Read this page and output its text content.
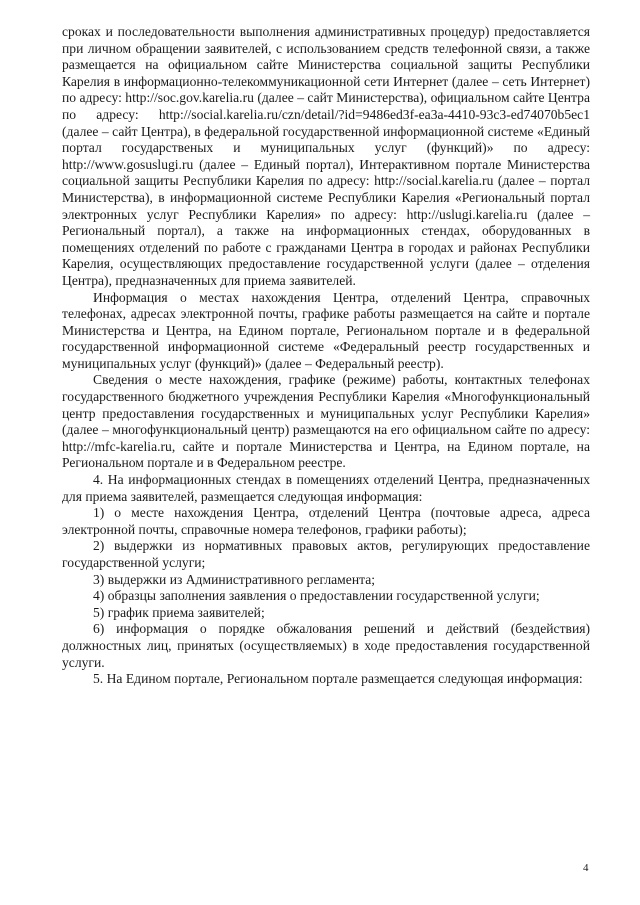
сроках и последовательности выполнения административных процедур) предоставляется при личном обращении заявителей, с использованием средств телефонной связи, а также размещается на официальном сайте Министерства социальной защиты Республики Карелия в информационно-телекоммуникационной сети Интернет (далее – сеть Интернет) по адресу: http://soc.gov.karelia.ru (далее – сайт Министерства), официальном сайте Центра по адресу: http://social.karelia.ru/czn/detail/?id=9486ed3f-ea3a-4410-93c3-ed74070b5ec1 (далее – сайт Центра), в федеральной государственной информационной системе «Единый портал государственых и муниципальных услуг (функций)» по адресу: http://www.gosuslugi.ru (далее – Единый портал), Интерактивном портале Министерства социальной защиты Республики Карелия по адресу: http://social.karelia.ru (далее – портал Министерства), в информационной системе Республики Карелия «Региональный портал электронных услуг Республики Карелия» по адресу: http://uslugi.karelia.ru (далее – Региональный портал), а также на информационных стендах, оборудованных в помещениях отделений по работе с гражданами Центра в городах и районах Республики Карелия, осуществляющих предоставление государственной услуги (далее – отделения Центра), предназначенных для приема заявителей.

Информация о местах нахождения Центра, отделений Центра, справочных телефонах, адресах электронной почты, графике работы размещается на сайте и портале Министерства и Центра, на Едином портале, Региональном портале и в федеральной государственной информационной системе «Федеральный реестр государственных и муниципальных услуг (функций)» (далее – Федеральный реестр).

Сведения о месте нахождения, графике (режиме) работы, контактных телефонах государственного бюджетного учреждения Республики Карелия «Многофункциональный центр предоставления государственных и муниципальных услуг Республики Карелия» (далее – многофункциональный центр) размещаются на его официальном сайте по адресу: http://mfc-karelia.ru, сайте и портале Министерства и Центра, на Едином портале, на Региональном портале и в Федеральном реестре.

4. На информационных стендах в помещениях отделений Центра, предназначенных для приема заявителей, размещается следующая информация:

1) о месте нахождения Центра, отделений Центра (почтовые адреса, адреса электронной почты, справочные номера телефонов, графики работы);

2) выдержки из нормативных правовых актов, регулирующих предоставление государственной услуги;

3) выдержки из Административного регламента;

4) образцы заполнения заявления о предоставлении государственной услуги;

5) график приема заявителей;

6) информация о порядке обжалования решений и действий (бездействия) должностных лиц, принятых (осуществляемых) в ходе предоставления государственной услуги.

5. На Едином портале, Региональном портале размещается следующая информация:

4
